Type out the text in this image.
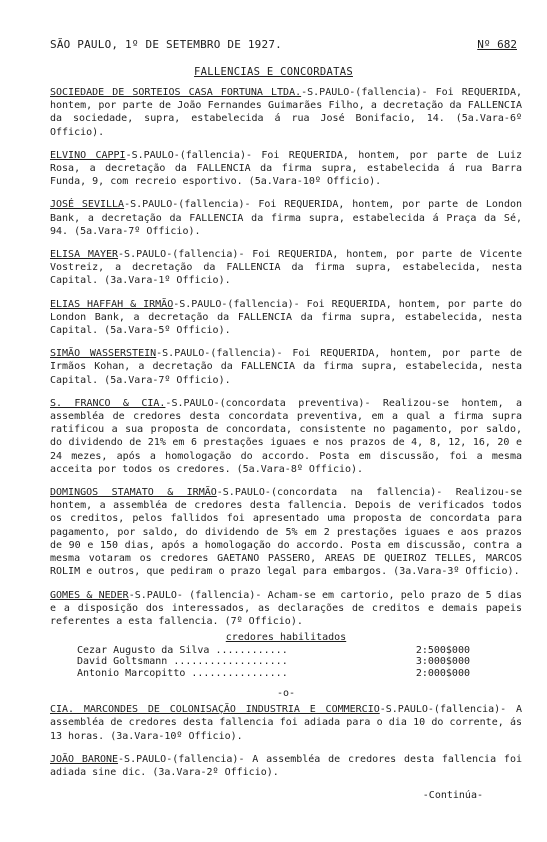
SÃO PAULO, 1º DE SETEMBRO DE 1927.	Nº 682
FALLENCIAS E CONCORDATAS
SOCIEDADE DE SORTEIOS CASA FORTUNA LTDA.-S.PAULO-(fallencia)- Foi REQUERIDA, hontem, por parte de João Fernandes Guimarães Filho, a decretação da FALLENCIA da sociedade, supra, estabelecida á rua José Bonifacio, 14. (5a.Vara-6º Officio).
ELVINO CAPPI-S.PAULO-(fallencia)- Foi REQUERIDA, hontem, por parte de Luiz Rosa, a decretação da FALLENCIA da firma supra, estabelecida á rua Barra Funda, 9, com recreio esportivo. (5a.Vara-10º Officio).
JOSÉ SEVILLA-S.PAULO-(fallencia)- Foi REQUERIDA, hontem, por parte de London Bank, a decretação da FALLENCIA da firma supra, estabelecida á Praça da Sé, 94. (5a.Vara-7º Officio).
ELISA MAYER-S.PAULO-(fallencia)- Foi REQUERIDA, hontem, por parte de Vicente Vostreiz, a decretação da FALLENCIA da firma supra, estabelecida, nesta Capital. (3a.Vara-1º Officio).
ELIAS HAFFAH & IRMÃO-S.PAULO-(fallencia)- Foi REQUERIDA, hontem, por parte do London Bank, a decretação da FALLENCIA da firma supra, estabelecida, nesta Capital. (5a.Vara-5º Officio).
SIMÃO WASSERSTEIN-S.PAULO-(fallencia)- Foi REQUERIDA, hontem, por parte de Irmãos Kohan, a decretação da FALLENCIA da firma supra, estabelecida, nesta Capital. (5a.Vara-7º Officio).
S. FRANCO & CIA.-S.PAULO-(concordata preventiva)- Realizou-se hontem, a assembléa de credores desta concordata preventiva, em a qual a firma supra ratificou a sua proposta de concordata, consistente no pagamento, por saldo, do dividendo de 21% em 6 prestações iguaes e nos prazos de 4, 8, 12, 16, 20 e 24 mezes, após a homologação do accordo. Posta em discussão, foi a mesma acceita por todos os credores. (5a.Vara-8º Officio).
DOMINGOS STAMATO & IRMÃO-S.PAULO-(concordata na fallencia)- Realizou-se hontem, a assembléa de credores desta fallencia. Depois de verificados todos os creditos, pelos fallidos foi apresentado uma proposta de concordata para pagamento, por saldo, do dividendo de 5% em 2 prestações iguaes e aos prazos de 90 e 150 dias, após a homologação do accordo. Posta em discussão, contra a mesma votaram os credores GAETANO PASSERO, AREAS DE QUEIROZ TELLES, MARCOS ROLIM e outros, que pediram o prazo legal para embargos. (3a.Vara-3º Officio).
GOMES & NEDER-S.PAULO- (fallencia)- Acham-se em cartorio, pelo prazo de 5 dias e a disposição dos interessados, as declarações de creditos e demais papeis referentes a esta fallencia. (7º Officio).
credores habilitados
Cezar Augusto da Silva ............	2:500$000
David Goltsmann ...................	3:000$000
Antonio Marcopitto ................	2:000$000
-o-
CIA. MARCONDES DE COLONISAÇÃO INDUSTRIA E COMMERCIO-S.PAULO-(fallencia)- A assembléa de credores desta fallencia foi adiada para o dia 10 do corrente, ás 13 horas. (3a.Vara-10º Officio).
JOÃO BARONE-S.PAULO-(fallencia)- A assembléa de credores desta fallencia foi adiada sine dic. (3a.Vara-2º Officio).
-Continúa-
